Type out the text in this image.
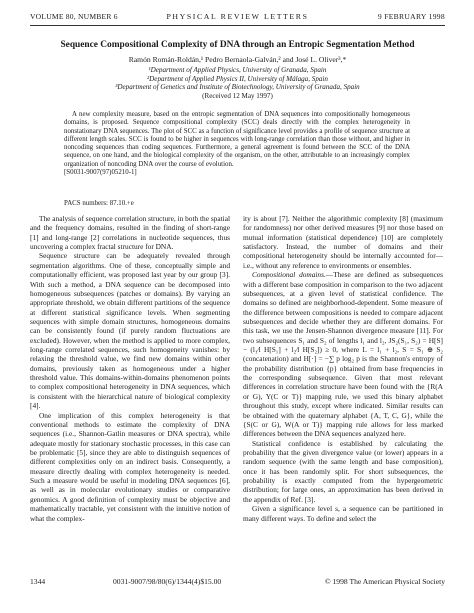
VOLUME 80, NUMBER 6	PHYSICAL REVIEW LETTERS	9 FEBRUARY 1998
Sequence Compositional Complexity of DNA through an Entropic Segmentation Method
Ramón Román-Roldán,¹ Pedro Bernaola-Galván,² and José L. Oliver³,*
¹Department of Applied Physics, University of Granada, Spain
²Department of Applied Physics II, University of Málaga, Spain
³Department of Genetics and Institute of Biotechnology, University of Granada, Spain
(Received 12 May 1997)

A new complexity measure, based on the entropic segmentation of DNA sequences into compositionally homogeneous domains, is proposed. Sequence compositional complexity (SCC) deals directly with the complex heterogeneity in nonstationary DNA sequences. The plot of SCC as a function of significance level provides a profile of sequence structure at different length scales. SCC is found to be higher in sequences with long-range correlation than those without, and higher in noncoding sequences than coding sequences. Furthermore, a general agreement is found between the SCC of the DNA sequence, on one hand, and the biological complexity of the organism, on the other, attributable to an increasingly complex organization of noncoding DNA over the course of evolution.
[S0031-9007(97)05210-1]

PACS numbers: 87.10.+e

The analysis of sequence correlation structure, in both the spatial and the frequency domains, resulted in the finding of short-range [1] and long-range [2] correlations in nucleotide sequences, thus uncovering a complex fractal structure for DNA.

Sequence structure can be adequately revealed through segmentation algorithms. One of these, conceptually simple and computationally efficient, was proposed last year by our group [3]. With such a method, a DNA sequence can be decomposed into homogeneous subsequences (patches or domains). By varying an appropriate threshold, we obtain different partitions of the sequence at different statistical significance levels. When segmenting sequences with simple domain structures, homogeneous domains can be consistently found (if purely random fluctuations are excluded). However, when the method is applied to more complex, long-range correlated sequences, such homogeneity vanishes: by relaxing the threshold value, we find new domains within other domains, previously taken as homogeneous under a higher threshold value. This domains-within-domains phenomenon points to complex compositional heterogeneity in DNA sequences, which is consistent with the hierarchical nature of biological complexity [4].

One implication of this complex heterogeneity is that conventional methods to estimate the complexity of DNA sequences (i.e., Shannon-Gatlin measures or DNA spectra), while adequate mostly for stationary stochastic processes, in this case can be problematic [5], since they are able to distinguish sequences of different complexities only on an indirect basis. Consequently, a measure directly dealing with complex heterogeneity is needed. Such a measure would be useful in modeling DNA sequences [6], as well as in molecular evolutionary studies or comparative genomics. A good definition of complexity must be objective and mathematically tractable, yet consistent with the intuitive notion of what the complex-

ity is about [7]. Neither the algorithmic complexity [8] (maximum for randomness) nor other derived measures [9] nor those based on mutual information (statistical dependence) [10] are completely satisfactory. Instead, the number of domains and their compositional heterogeneity should be internally accounted for—i.e., without any reference to environments or ensembles.

Compositional domains.—These are defined as subsequences with a different base composition in comparison to the two adjacent subsequences, at a given level of statistical confidence. The domains so defined are neighborhood-dependent. Some measure of the difference between compositions is needed to compare adjacent subsequences and decide whether they are different domains. For this task, we use the Jensen-Shannon divergence measure [11]. For two subsequences S₁ and S₂ of lengths l₁ and l₂, JS₂(S₁, S₂) = H[S] − (l₁⁄l H[S₁] + l₂⁄l H[S₂]) ≥ 0, where L = l₁ + l₂, S = S₁ ⊕ S₂ (concatenation) and H[·] = −∑ p log₂ p is the Shannon's entropy of the probability distribution {p} obtained from base frequencies in the corresponding subsequence. Given that most relevant differences in correlation structure have been found with the {R(A or G), Y(C or T)} mapping rule, we used this binary alphabet throughout this study, except where indicated. Similar results can be obtained with the quaternary alphabet {A, T, C, G}, while the {S(C or G), W(A or T)} mapping rule allows for less marked differences between the DNA sequences analyzed here.

Statistical confidence is established by calculating the probability that the given divergence value (or lower) appears in a random sequence (with the same length and base composition), once it has been randomly split. For short subsequences, the probability is exactly computed from the hypergeometric distribution; for large ones, an approximation has been derived in the appendix of Ref. [3].

Given a significance level s, a sequence can be partitioned in many different ways. To define and select the

1344	0031-9007/98/80(6)/1344(4)$15.00	© 1998 The American Physical Society
